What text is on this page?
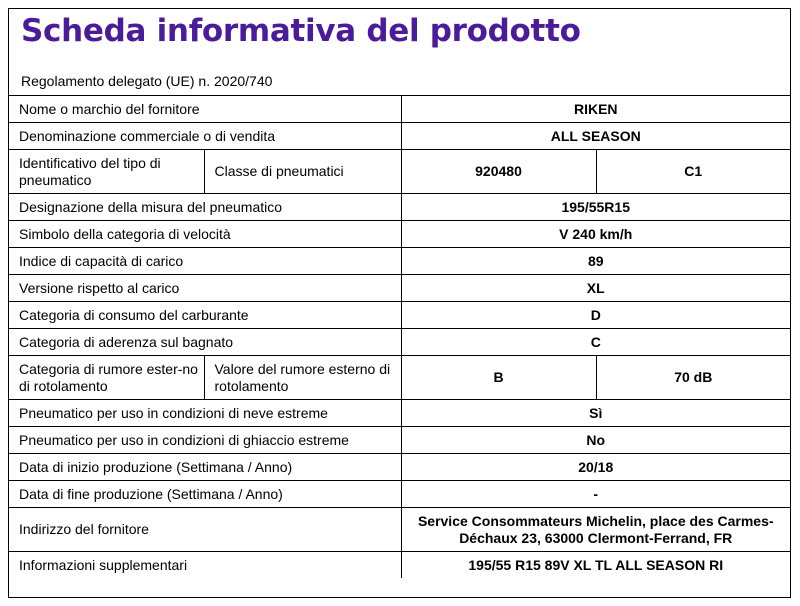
Scheda informativa del prodotto
Regolamento delegato (UE) n. 2020/740
Nome o marchio del fornitore		RIKEN	
Denominazione commerciale o di vendita		ALL SEASON	
Identificativo del tipo di pneumatico	Classe di pneumatici	920480	C1
Designazione della misura del pneumatico		195/55R15	
Simbolo della categoria di velocità		V 240 km/h	
Indice di capacità di carico		89	
Versione rispetto al carico		XL	
Categoria di consumo del carburante		D	
Categoria di aderenza sul bagnato		C	
Categoria di rumore ester-no di rotolamento	Valore del rumore esterno di rotolamento	B	70 dB
Pneumatico per uso in condizioni di neve estreme		Sì	
Pneumatico per uso in condizioni di ghiaccio estreme		No	
Data di inizio produzione (Settimana / Anno)		20/18	
Data di fine produzione (Settimana / Anno)		-	
Indirizzo del fornitore		Service Consommateurs Michelin, place des Carmes-Déchaux 23, 63000 Clermont-Ferrand, FR	
Informazioni supplementari		195/55 R15 89V XL TL ALL SEASON RI	
